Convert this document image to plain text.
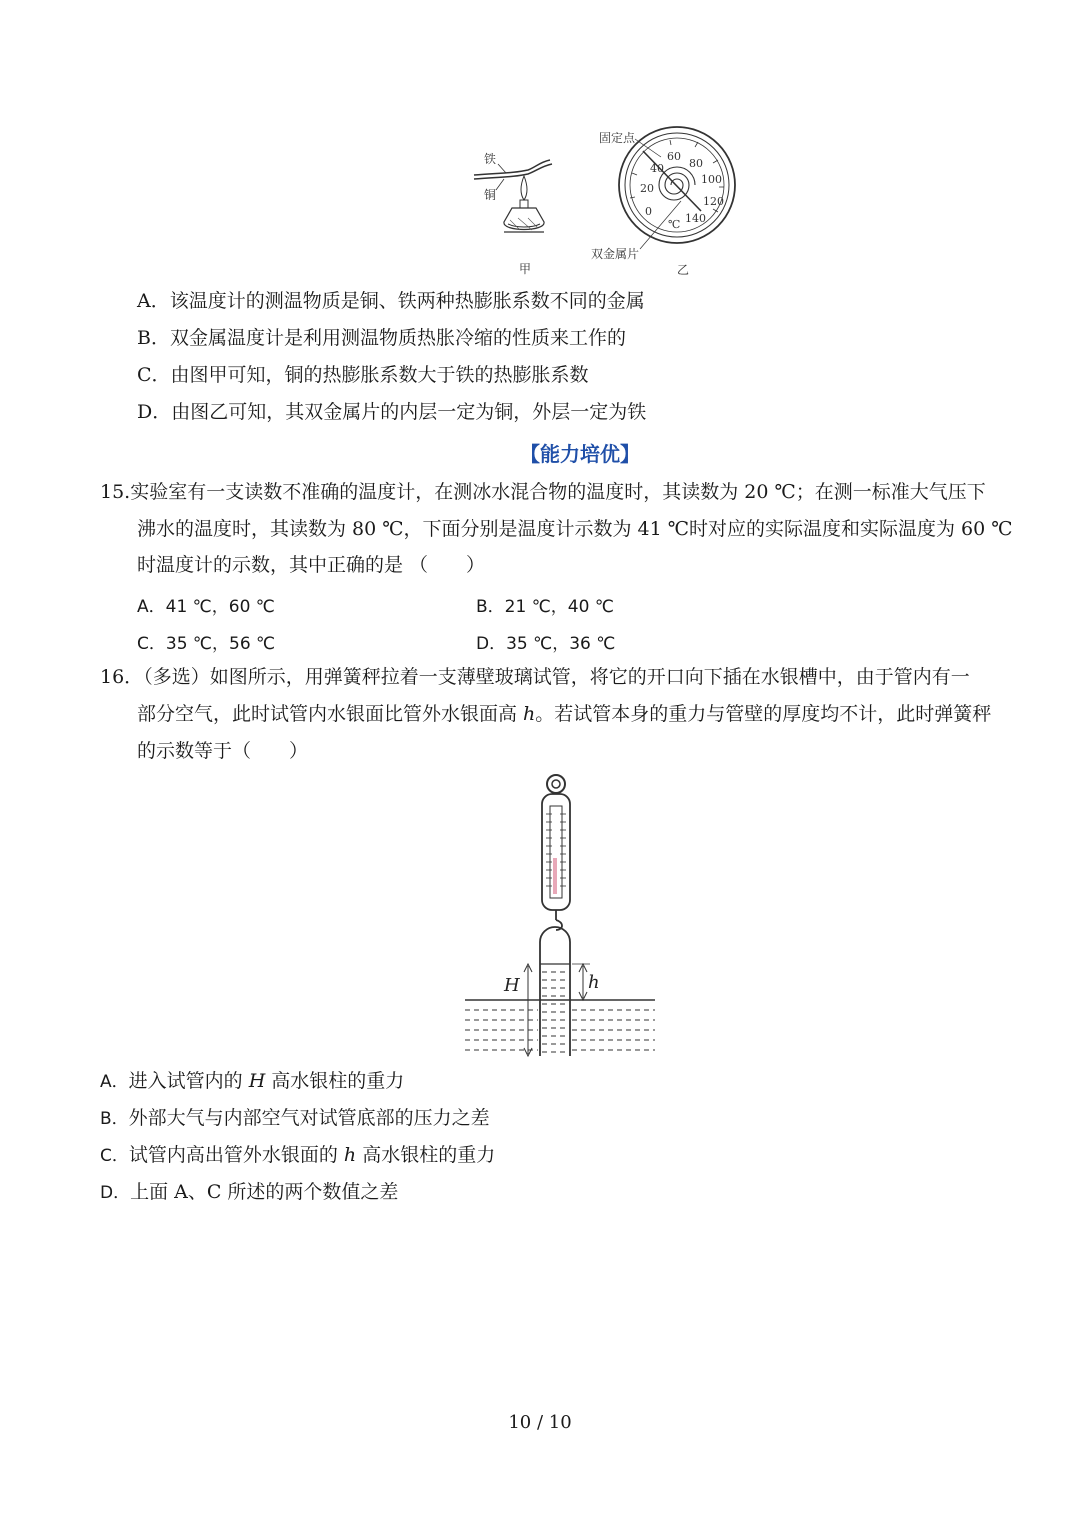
铁
铜
甲
0
20
40
60
80
100
120
140
℃
固定点
双金属片
乙
A．该温度计的测温物质是铜、铁两种热膨胀系数不同的金属
B．双金属温度计是利用测温物质热胀冷缩的性质来工作的
C．由图甲可知，铜的热膨胀系数大于铁的热膨胀系数
D．由图乙可知，其双金属片的内层一定为铜，外层一定为铁
【能力培优】
15.实验室有一支读数不准确的温度计，在测冰水混合物的温度时，其读数为 20 ℃；在测一标准大气压下
沸水的温度时，其读数为 80 ℃，下面分别是温度计示数为 41 ℃时对应的实际温度和实际温度为 60 ℃
时温度计的示数，其中正确的是 （　　）
A．41 ℃，60 ℃	B．21 ℃，40 ℃
C．35 ℃，56 ℃	D．35 ℃，36 ℃
16．（多选）如图所示，用弹簧秤拉着一支薄壁玻璃试管，将它的开口向下插在水银槽中，由于管内有一
部分空气，此时试管内水银面比管外水银面高 h。若试管本身的重力与管壁的厚度均不计，此时弹簧秤
的示数等于（　　）
H	h
A．进入试管内的 H 高水银柱的重力
B．外部大气与内部空气对试管底部的压力之差
C．试管内高出管外水银面的 h 高水银柱的重力
D．上面 A、C 所述的两个数值之差
10 / 10
